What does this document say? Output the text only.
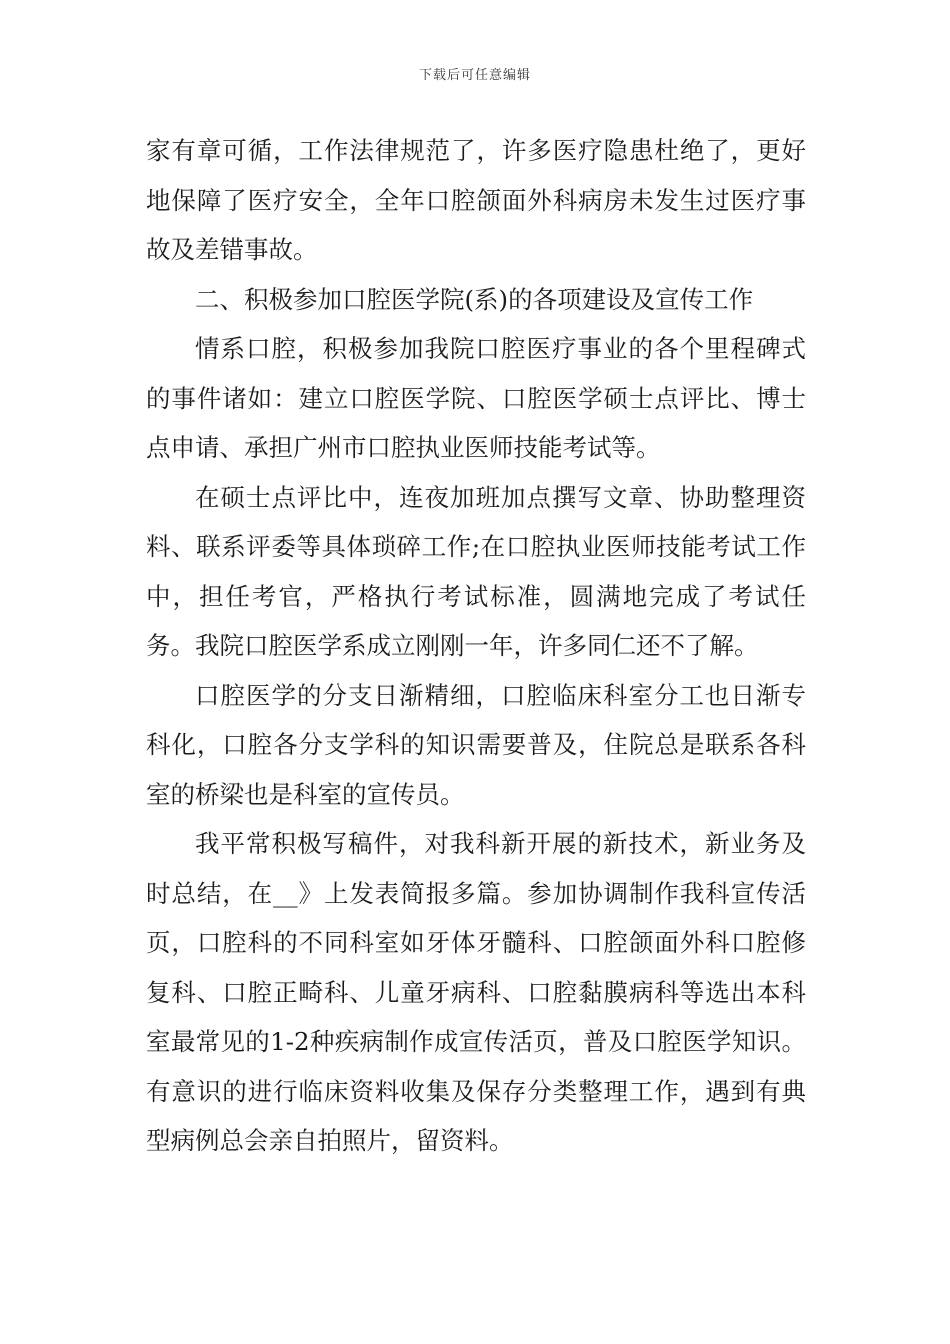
下载后可任意编辑

家有章可循，工作法律规范了，许多医疗隐患杜绝了，更好地保障了医疗安全，全年口腔颌面外科病房未发生过医疗事故及差错事故。

二、积极参加口腔医学院(系)的各项建设及宣传工作

情系口腔，积极参加我院口腔医疗事业的各个里程碑式的事件诸如：建立口腔医学院、口腔医学硕士点评比、博士点申请、承担广州市口腔执业医师技能考试等。

在硕士点评比中，连夜加班加点撰写文章、协助整理资料、联系评委等具体琐碎工作;在口腔执业医师技能考试工作中，担任考官，严格执行考试标准，圆满地完成了考试任务。我院口腔医学系成立刚刚一年，许多同仁还不了解。

口腔医学的分支日渐精细，口腔临床科室分工也日渐专科化，口腔各分支学科的知识需要普及，住院总是联系各科室的桥梁也是科室的宣传员。

我平常积极写稿件，对我科新开展的新技术，新业务及时总结，在__》上发表简报多篇。参加协调制作我科宣传活页，口腔科的不同科室如牙体牙髓科、口腔颌面外科口腔修复科、口腔正畸科、儿童牙病科、口腔黏膜病科等选出本科室最常见的1-2种疾病制作成宣传活页，普及口腔医学知识。有意识的进行临床资料收集及保存分类整理工作，遇到有典型病例总会亲自拍照片，留资料。
